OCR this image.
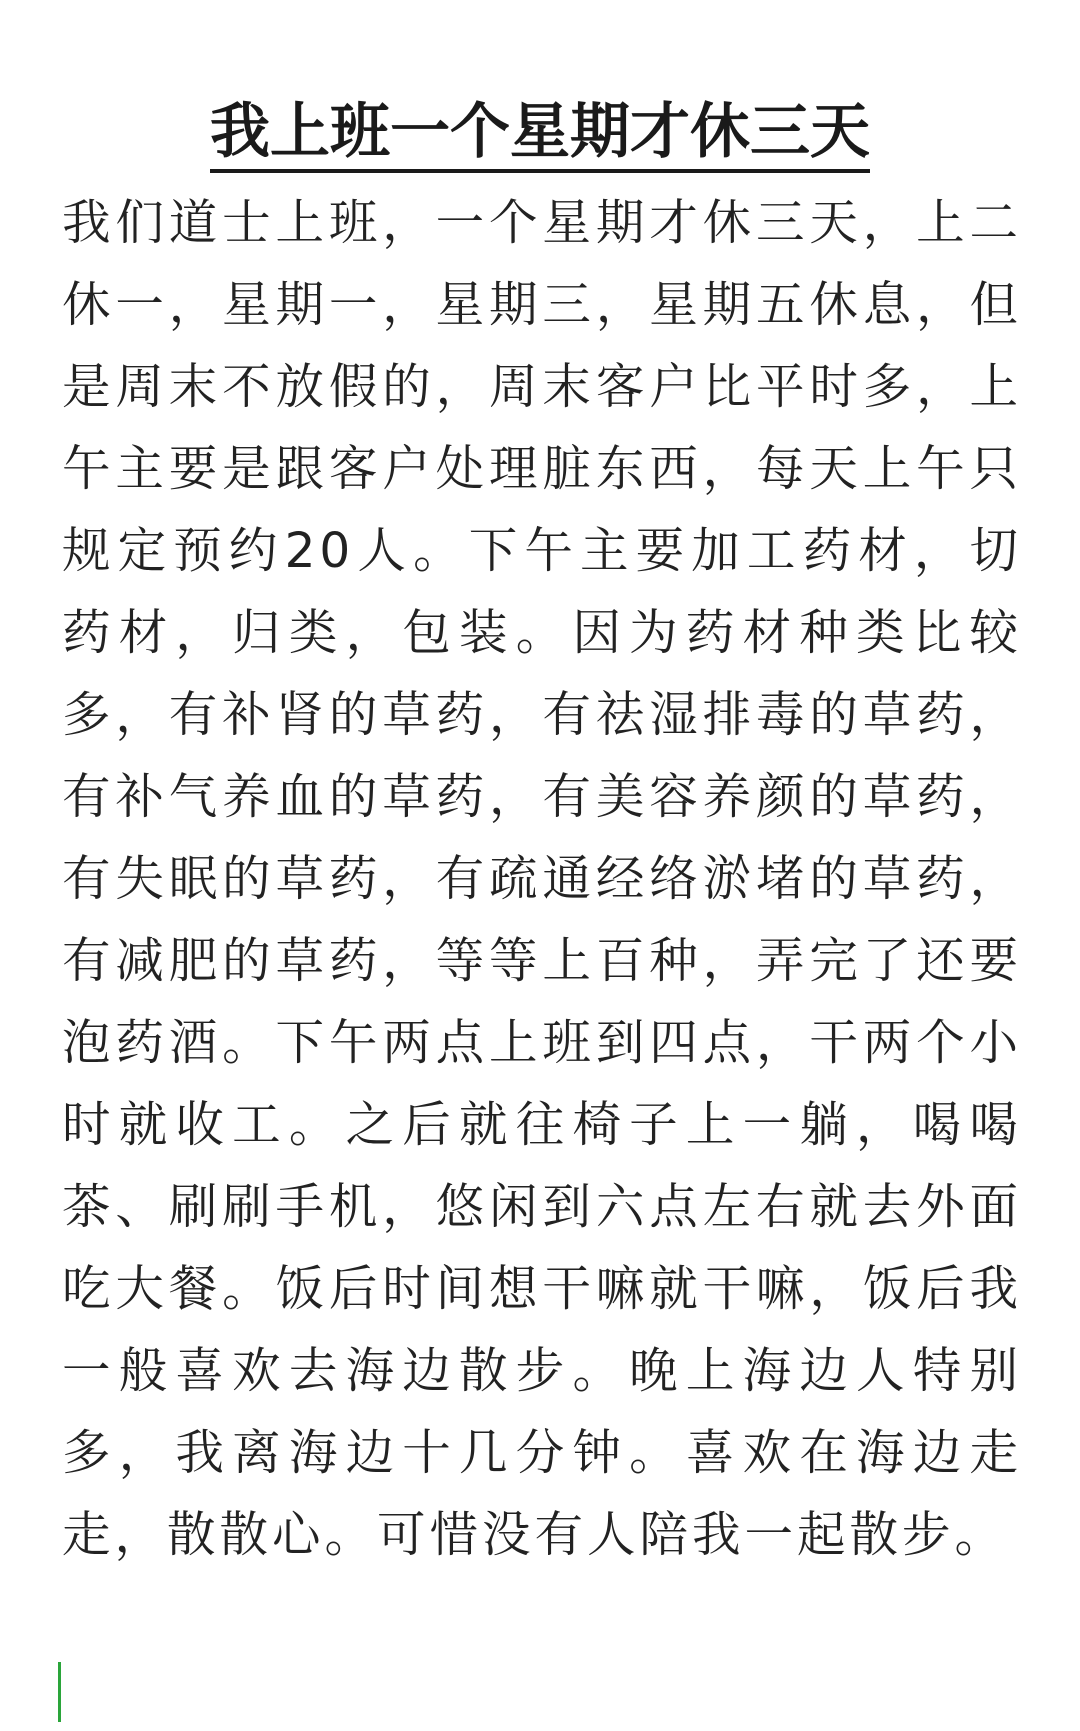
我上班一个星期才休三天

我们道士上班，一个星期才休三天，上二休一，星期一，星期三，星期五休息，但是周末不放假的，周末客户比平时多，上午主要是跟客户处理脏东西，每天上午只规定预约20人。下午主要加工药材，切药材，归类，包装。因为药材种类比较多，有补肾的草药，有祛湿排毒的草药，有补气养血的草药，有美容养颜的草药，有失眠的草药，有疏通经络淤堵的草药，有减肥的草药，等等上百种，弄完了还要泡药酒。下午两点上班到四点，干两个小时就收工。之后就往椅子上一躺，喝喝茶、刷刷手机，悠闲到六点左右就去外面吃大餐。饭后时间想干嘛就干嘛，饭后我一般喜欢去海边散步。晚上海边人特别多，我离海边十几分钟。喜欢在海边走走，散散心。可惜没有人陪我一起散步。
